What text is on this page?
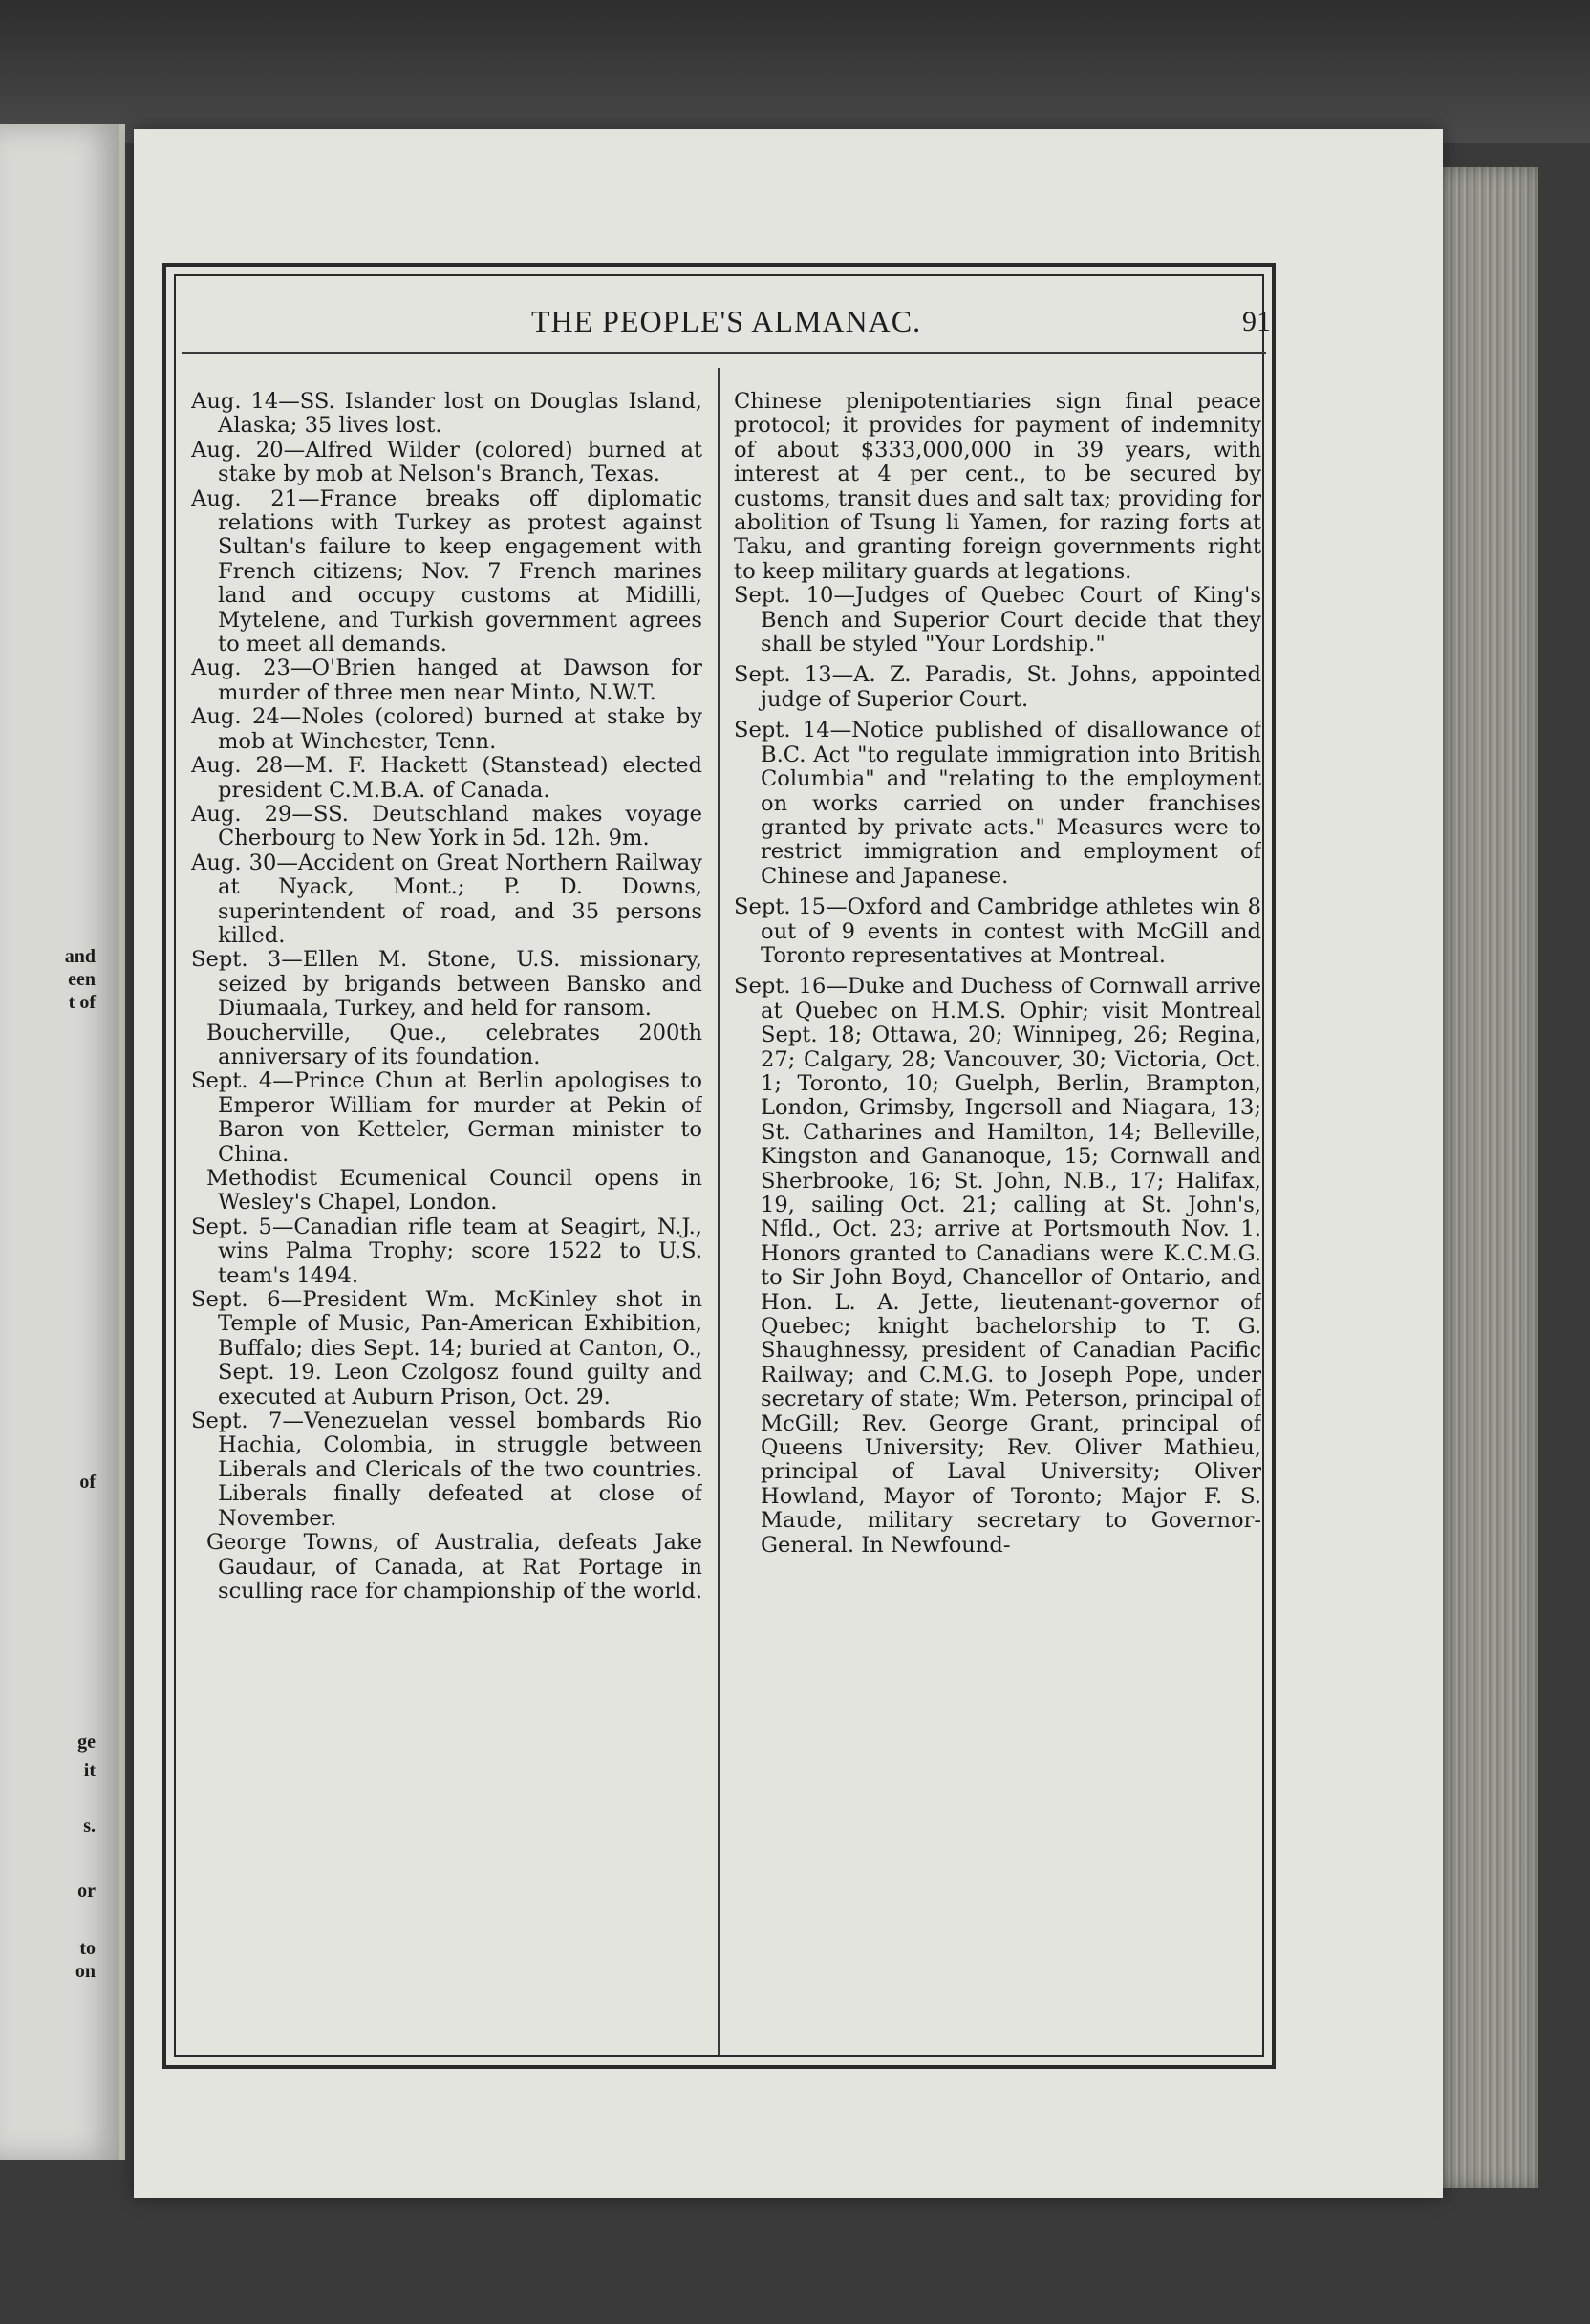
and
een
t of
of
ge
it
s.
or
to
on
THE PEOPLE'S ALMANAC.	91

Aug. 14—SS. Islander lost on Douglas Island, Alaska; 35 lives lost.

Aug. 20—Alfred Wilder (colored) burned at stake by mob at Nelson's Branch, Texas.

Aug. 21—France breaks off diplomatic relations with Turkey as protest against Sultan's failure to keep engagement with French citizens; Nov. 7 French marines land and occupy customs at Midilli, Mytelene, and Turkish government agrees to meet all demands.

Aug. 23—O'Brien hanged at Dawson for murder of three men near Minto, N.W.T.

Aug. 24—Noles (colored) burned at stake by mob at Winchester, Tenn.

Aug. 28—M. F. Hackett (Stanstead) elected president C.M.B.A. of Canada.

Aug. 29—SS. Deutschland makes voyage Cherbourg to New York in 5d. 12h. 9m.

Aug. 30—Accident on Great Northern Railway at Nyack, Mont.; P. D. Downs, superintendent of road, and 35 persons killed.

Sept. 3—Ellen M. Stone, U.S. missionary, seized by brigands between Bansko and Diumaala, Turkey, and held for ransom.

Boucherville, Que., celebrates 200th anniversary of its foundation.

Sept. 4—Prince Chun at Berlin apologises to Emperor William for murder at Pekin of Baron von Ketteler, German minister to China.

Methodist Ecumenical Council opens in Wesley's Chapel, London.

Sept. 5—Canadian rifle team at Seagirt, N.J., wins Palma Trophy; score 1522 to U.S. team's 1494.

Sept. 6—President Wm. McKinley shot in Temple of Music, Pan-American Exhibition, Buffalo; dies Sept. 14; buried at Canton, O., Sept. 19. Leon Czolgosz found guilty and executed at Auburn Prison, Oct. 29.

Sept. 7—Venezuelan vessel bombards Rio Hachia, Colombia, in struggle between Liberals and Clericals of the two countries. Liberals finally defeated at close of November.

George Towns, of Australia, defeats Jake Gaudaur, of Canada, at Rat Portage in sculling race for championship of the world.

Chinese plenipotentiaries sign final peace protocol; it provides for payment of indemnity of about $333,000,000 in 39 years, with interest at 4 per cent., to be secured by customs, transit dues and salt tax; providing for abolition of Tsung li Yamen, for razing forts at Taku, and granting foreign governments right to keep military guards at legations.

Sept. 10—Judges of Quebec Court of King's Bench and Superior Court decide that they shall be styled "Your Lordship."

Sept. 13—A. Z. Paradis, St. Johns, appointed judge of Superior Court.

Sept. 14—Notice published of disallowance of B.C. Act "to regulate immigration into British Columbia" and "relating to the employment on works carried on under franchises granted by private acts." Measures were to restrict immigration and employment of Chinese and Japanese.

Sept. 15—Oxford and Cambridge athletes win 8 out of 9 events in contest with McGill and Toronto representatives at Montreal.

Sept. 16—Duke and Duchess of Cornwall arrive at Quebec on H.M.S. Ophir; visit Montreal Sept. 18; Ottawa, 20; Winnipeg, 26; Regina, 27; Calgary, 28; Vancouver, 30; Victoria, Oct. 1; Toronto, 10; Guelph, Berlin, Brampton, London, Grimsby, Ingersoll and Niagara, 13; St. Catharines and Hamilton, 14; Belleville, Kingston and Gananoque, 15; Cornwall and Sherbrooke, 16; St. John, N.B., 17; Halifax, 19, sailing Oct. 21; calling at St. John's, Nfld., Oct. 23; arrive at Portsmouth Nov. 1. Honors granted to Canadians were K.C.M.G. to Sir John Boyd, Chancellor of Ontario, and Hon. L. A. Jette, lieutenant-governor of Quebec; knight bachelorship to T. G. Shaughnessy, president of Canadian Pacific Railway; and C.M.G. to Joseph Pope, under secretary of state; Wm. Peterson, principal of McGill; Rev. George Grant, principal of Queens University; Rev. Oliver Mathieu, principal of Laval University; Oliver Howland, Mayor of Toronto; Major F. S. Maude, military secretary to Governor-General. In Newfound-
